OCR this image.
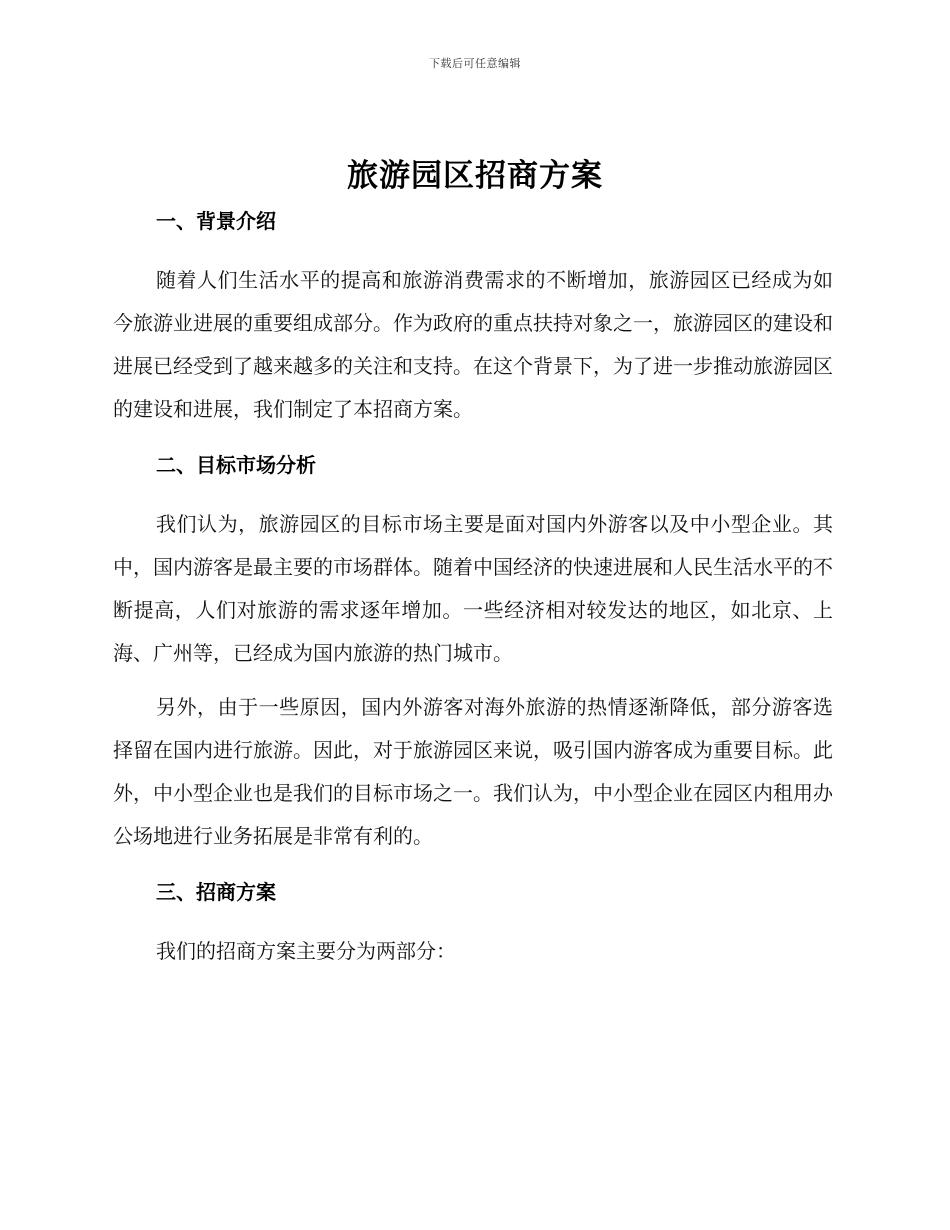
下载后可任意编辑
旅游园区招商方案
一、背景介绍

随着人们生活水平的提高和旅游消费需求的不断增加，旅游园区已经成为如今旅游业进展的重要组成部分。作为政府的重点扶持对象之一，旅游园区的建设和进展已经受到了越来越多的关注和支持。在这个背景下，为了进一步推动旅游园区的建设和进展，我们制定了本招商方案。

二、目标市场分析

我们认为，旅游园区的目标市场主要是面对国内外游客以及中小型企业。其中，国内游客是最主要的市场群体。随着中国经济的快速进展和人民生活水平的不断提高，人们对旅游的需求逐年增加。一些经济相对较发达的地区，如北京、上海、广州等，已经成为国内旅游的热门城市。

另外，由于一些原因，国内外游客对海外旅游的热情逐渐降低，部分游客选择留在国内进行旅游。因此，对于旅游园区来说，吸引国内游客成为重要目标。此外，中小型企业也是我们的目标市场之一。我们认为，中小型企业在园区内租用办公场地进行业务拓展是非常有利的。

三、招商方案

我们的招商方案主要分为两部分：
